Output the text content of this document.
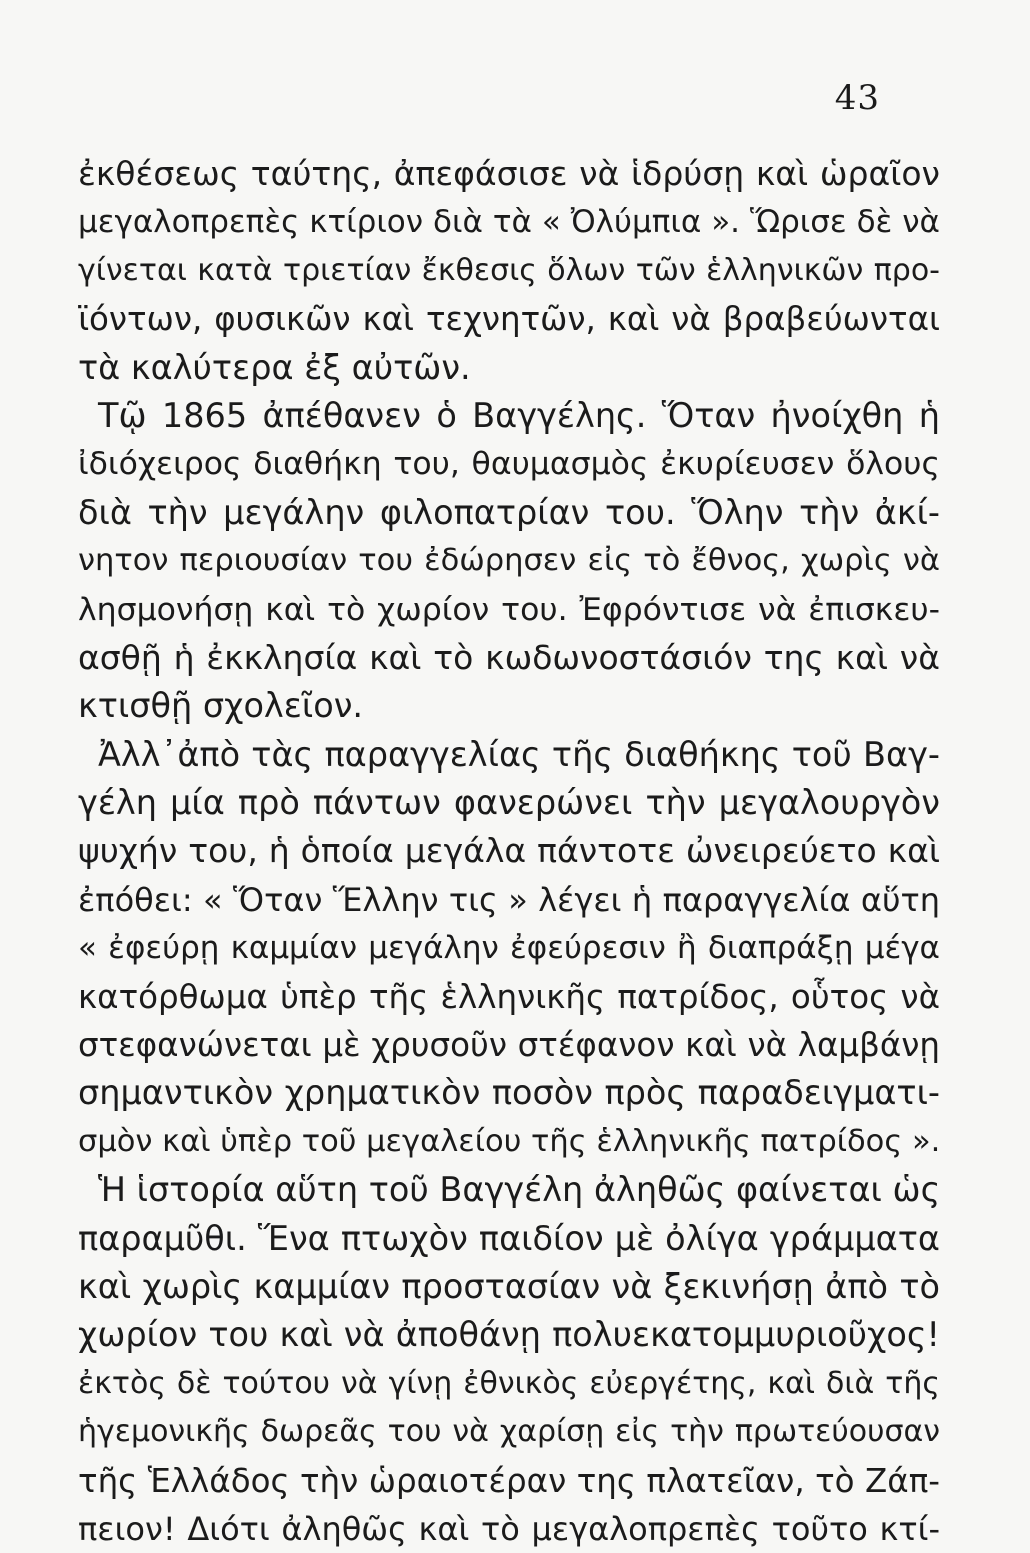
43
ἐκθέσεως ταύτης, ἀπεφάσισε νὰ ἱδρύσῃ καὶ ὡραῖον
μεγαλοπρεπὲς κτίριον διὰ τὰ « Ὀλύμπια ». Ὥρισε δὲ νὰ
γίνεται κατὰ τριετίαν ἔκθεσις ὅλων τῶν ἑλληνικῶν προ-
ϊόντων, φυσικῶν καὶ τεχνητῶν, καὶ νὰ βραβεύωνται
τὰ καλύτερα ἐξ αὐτῶν.
Τῷ 1865 ἀπέθανεν ὁ Βαγγέλης. Ὅταν ἠνοίχθη ἡ
ἰδιόχειρος διαθήκη του, θαυμασμὸς ἐκυρίευσεν ὅλους
διὰ τὴν μεγάλην φιλοπατρίαν του. Ὅλην τὴν ἀκί-
νητον περιουσίαν του ἐδώρησεν εἰς τὸ ἔθνος, χωρὶς νὰ
λησμονήσῃ καὶ τὸ χωρίον του. Ἐφρόντισε νὰ ἐπισκευ-
ασθῇ ἡ ἐκκλησία καὶ τὸ κωδωνοστάσιόν της καὶ νὰ
κτισθῇ σχολεῖον.
Ἀλλ᾽ἀπὸ τὰς παραγγελίας τῆς διαθήκης τοῦ Βαγ-
γέλη μία πρὸ πάντων φανερώνει τὴν μεγαλουργὸν
ψυχήν του, ἡ ὁποία μεγάλα πάντοτε ὠνειρεύετο καὶ
ἐπόθει: « Ὅταν Ἕλλην τις » λέγει ἡ παραγγελία αὕτη
« ἐφεύρῃ καμμίαν μεγάλην ἐφεύρεσιν ἢ διαπράξῃ μέγα
κατόρθωμα ὑπὲρ τῆς ἑλληνικῆς πατρίδος, οὗτος νὰ
στεφανώνεται μὲ χρυσοῦν στέφανον καὶ νὰ λαμβάνῃ
σημαντικὸν χρηματικὸν ποσὸν πρὸς παραδειγματι-
σμὸν καὶ ὑπὲρ τοῦ μεγαλείου τῆς ἑλληνικῆς πατρίδος ».
Ἡ ἱστορία αὕτη τοῦ Βαγγέλη ἀληθῶς φαίνεται ὡς
παραμῦθι. Ἕνα πτωχὸν παιδίον μὲ ὀλίγα γράμματα
καὶ χωρὶς καμμίαν προστασίαν νὰ ξεκινήσῃ ἀπὸ τὸ
χωρίον του καὶ νὰ ἀποθάνῃ πολυεκατομμυριοῦχος!
ἐκτὸς δὲ τούτου νὰ γίνῃ ἐθνικὸς εὐεργέτης, καὶ διὰ τῆς
ἡγεμονικῆς δωρεᾶς του νὰ χαρίσῃ εἰς τὴν πρωτεύουσαν
τῆς Ἑλλάδος τὴν ὡραιοτέραν της πλατεῖαν, τὸ Ζάπ-
πειον! Διότι ἀληθῶς καὶ τὸ μεγαλοπρεπὲς τοῦτο κτί-
